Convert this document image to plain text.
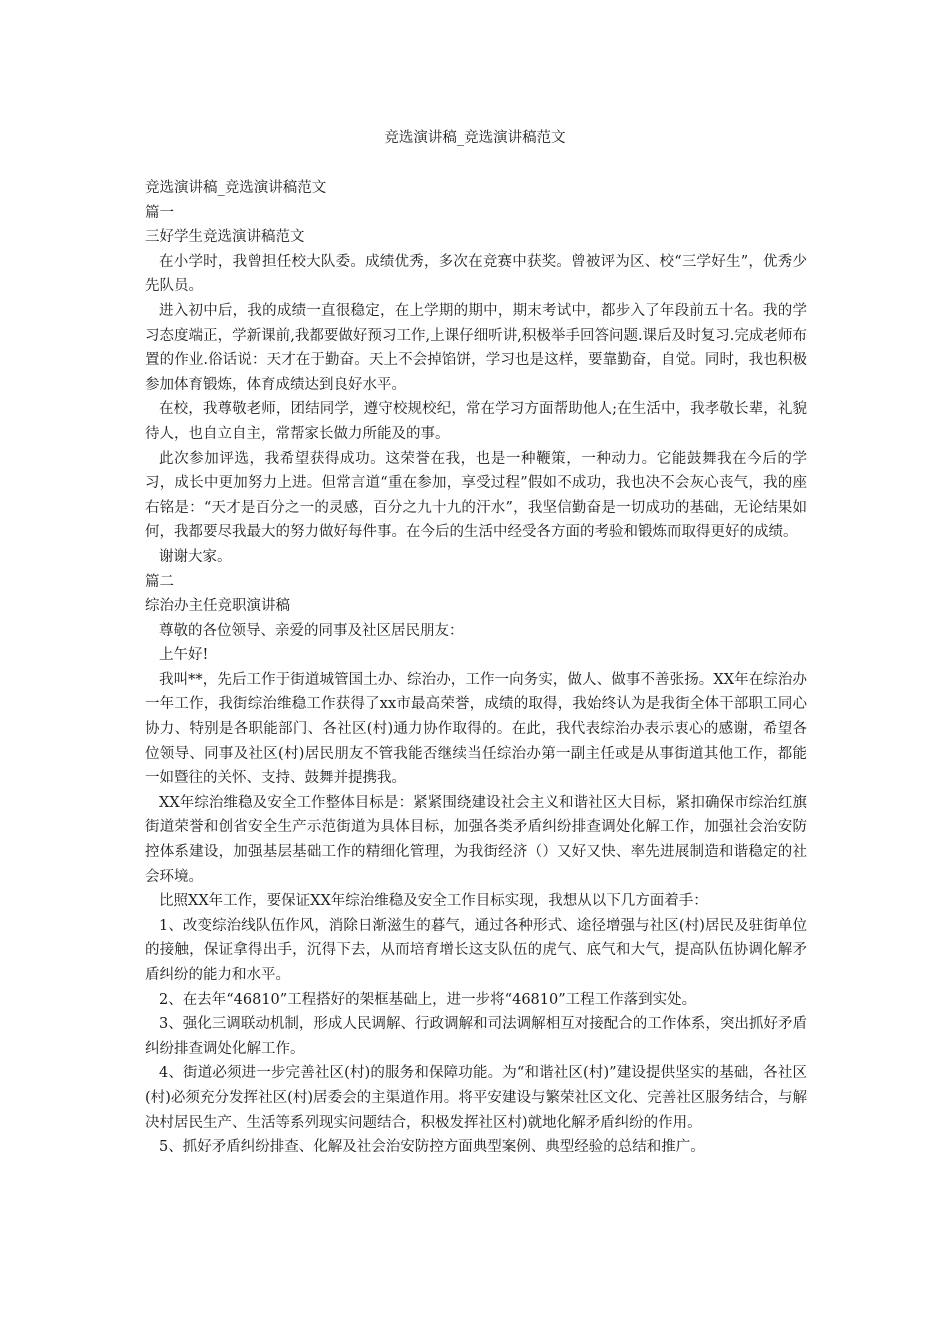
竞选演讲稿_竞选演讲稿范文

竞选演讲稿_竞选演讲稿范文

篇一

三好学生竞选演讲稿范文

在小学时，我曾担任校大队委。成绩优秀，多次在竞赛中获奖。曾被评为区、校“三学好生”，优秀少先队员。

进入初中后，我的成绩一直很稳定，在上学期的期中，期末考试中，都步入了年段前五十名。我的学习态度端正，学新课前,我都要做好预习工作,上课仔细听讲,积极举手回答问题.课后及时复习.完成老师布置的作业.俗话说：天才在于勤奋。天上不会掉馅饼，学习也是这样，要靠勤奋，自觉。同时，我也积极参加体育锻炼，体育成绩达到良好水平。

在校，我尊敬老师，团结同学，遵守校规校纪，常在学习方面帮助他人;在生活中，我孝敬长辈，礼貌待人，也自立自主，常帮家长做力所能及的事。

此次参加评选，我希望获得成功。这荣誉在我，也是一种鞭策，一种动力。它能鼓舞我在今后的学习，成长中更加努力上进。但常言道“重在参加，享受过程”假如不成功，我也决不会灰心丧气，我的座右铭是：“天才是百分之一的灵感，百分之九十九的汗水”，我坚信勤奋是一切成功的基础，无论结果如何，我都要尽我最大的努力做好每件事。在今后的生活中经受各方面的考验和锻炼而取得更好的成绩。

谢谢大家。

篇二

综治办主任竞职演讲稿

尊敬的各位领导、亲爱的同事及社区居民朋友：

上午好!

我叫**，先后工作于街道城管国土办、综治办，工作一向务实，做人、做事不善张扬。XX年在综治办一年工作，我街综治维稳工作获得了xx市最高荣誉，成绩的取得，我始终认为是我街全体干部职工同心协力、特别是各职能部门、各社区(村)通力协作取得的。在此，我代表综治办表示衷心的感谢，希望各位领导、同事及社区(村)居民朋友不管我能否继续当任综治办第一副主任或是从事街道其他工作，都能一如暨往的关怀、支持、鼓舞并提携我。

XX年综治维稳及安全工作整体目标是：紧紧围绕建设社会主义和谐社区大目标，紧扣确保市综治红旗街道荣誉和创省安全生产示范街道为具体目标，加强各类矛盾纠纷排查调处化解工作，加强社会治安防控体系建设，加强基层基础工作的精细化管理，为我街经济（）又好又快、率先进展制造和谐稳定的社会环境。

比照XX年工作，要保证XX年综治维稳及安全工作目标实现，我想从以下几方面着手：

1、改变综治线队伍作风，消除日渐滋生的暮气，通过各种形式、途径增强与社区(村)居民及驻街单位的接触，保证拿得出手，沉得下去，从而培育增长这支队伍的虎气、底气和大气，提高队伍协调化解矛盾纠纷的能力和水平。

2、在去年“46810”工程搭好的架框基础上，进一步将“46810”工程工作落到实处。

3、强化三调联动机制，形成人民调解、行政调解和司法调解相互对接配合的工作体系，突出抓好矛盾纠纷排查调处化解工作。

4、街道必须进一步完善社区(村)的服务和保障功能。为“和谐社区(村)”建设提供坚实的基础，各社区(村)必须充分发挥社区(村)居委会的主渠道作用。将平安建设与繁荣社区文化、完善社区服务结合，与解决村居民生产、生活等系列现实问题结合，积极发挥社区村)就地化解矛盾纠纷的作用。

5、抓好矛盾纠纷排查、化解及社会治安防控方面典型案例、典型经验的总结和推广。
